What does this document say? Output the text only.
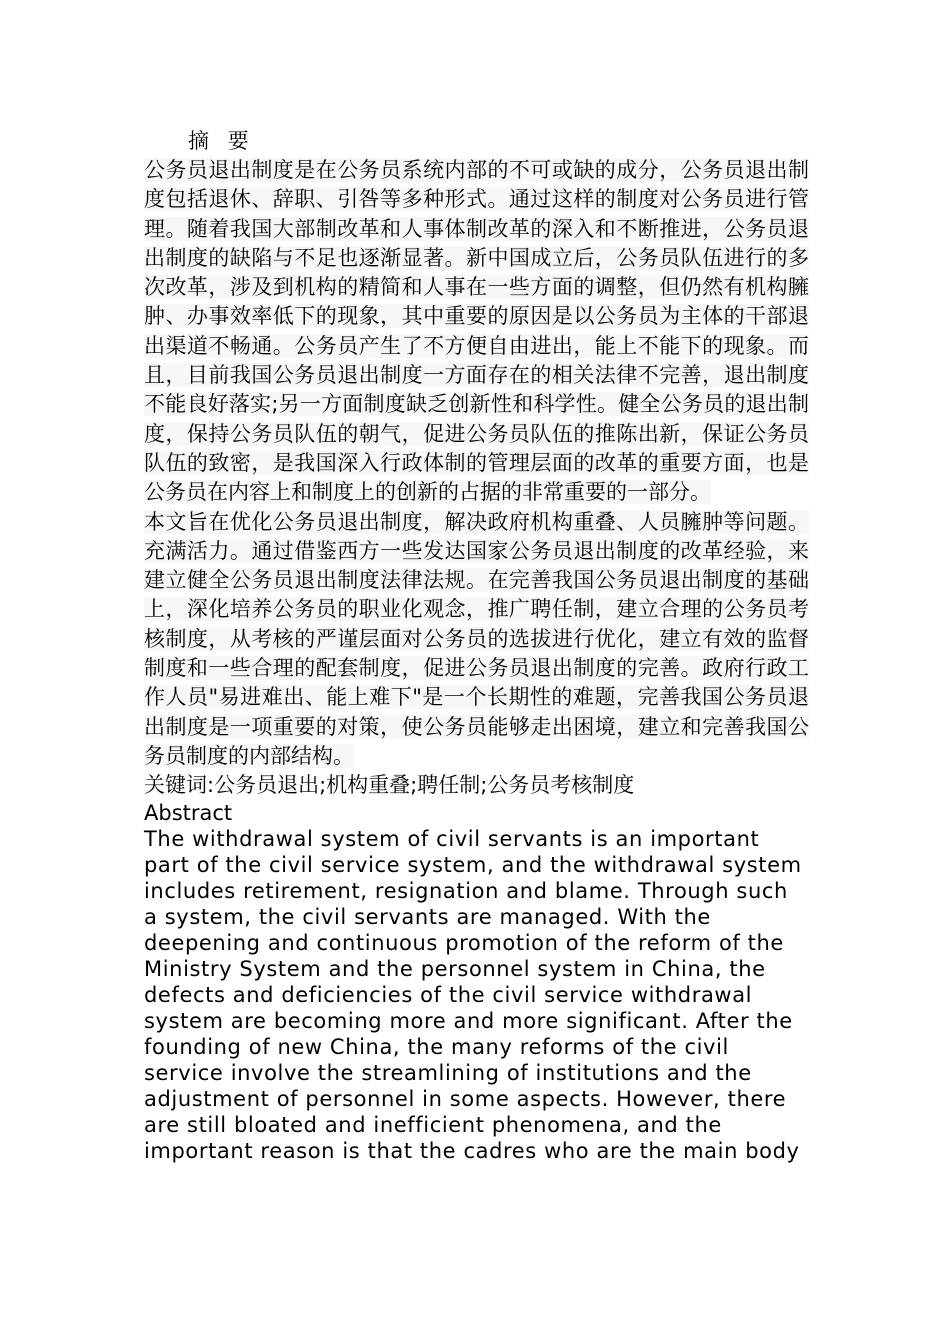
摘 要

公务员退出制度是在公务员系统内部的不可或缺的成分，公务员退出制度包括退休、辞职、引咎等多种形式。通过这样的制度对公务员进行管理。随着我国大部制改革和人事体制改革的深入和不断推进，公务员退出制度的缺陷与不足也逐渐显著。新中国成立后，公务员队伍进行的多次改革，涉及到机构的精简和人事在一些方面的调整，但仍然有机构臃肿、办事效率低下的现象，其中重要的原因是以公务员为主体的干部退出渠道不畅通。公务员产生了不方便自由进出，能上不能下的现象。而且，目前我国公务员退出制度一方面存在的相关法律不完善，退出制度不能良好落实;另一方面制度缺乏创新性和科学性。健全公务员的退出制度，保持公务员队伍的朝气，促进公务员队伍的推陈出新，保证公务员队伍的致密，是我国深入行政体制的管理层面的改革的重要方面，也是公务员在内容上和制度上的创新的占据的非常重要的一部分。

本文旨在优化公务员退出制度，解决政府机构重叠、人员臃肿等问题。充满活力。通过借鉴西方一些发达国家公务员退出制度的改革经验，来建立健全公务员退出制度法律法规。在完善我国公务员退出制度的基础上，深化培养公务员的职业化观念，推广聘任制，建立合理的公务员考核制度，从考核的严谨层面对公务员的选拔进行优化，建立有效的监督制度和一些合理的配套制度，促进公务员退出制度的完善。政府行政工作人员"易进难出、能上难下"是一个长期性的难题，完善我国公务员退出制度是一项重要的对策，使公务员能够走出困境，建立和完善我国公务员制度的内部结构。

关键词:公务员退出;机构重叠;聘任制;公务员考核制度

Abstract
The withdrawal system of civil servants is an important
part of the civil service system, and the withdrawal system
includes retirement, resignation and blame. Through such
a system, the civil servants are managed. With the
deepening and continuous promotion of the reform of the
Ministry System and the personnel system in China, the
defects and deficiencies of the civil service withdrawal
system are becoming more and more significant. After the
founding of new China, the many reforms of the civil
service involve the streamlining of institutions and the
adjustment of personnel in some aspects. However, there
are still bloated and inefficient phenomena, and the
important reason is that the cadres who are the main body
